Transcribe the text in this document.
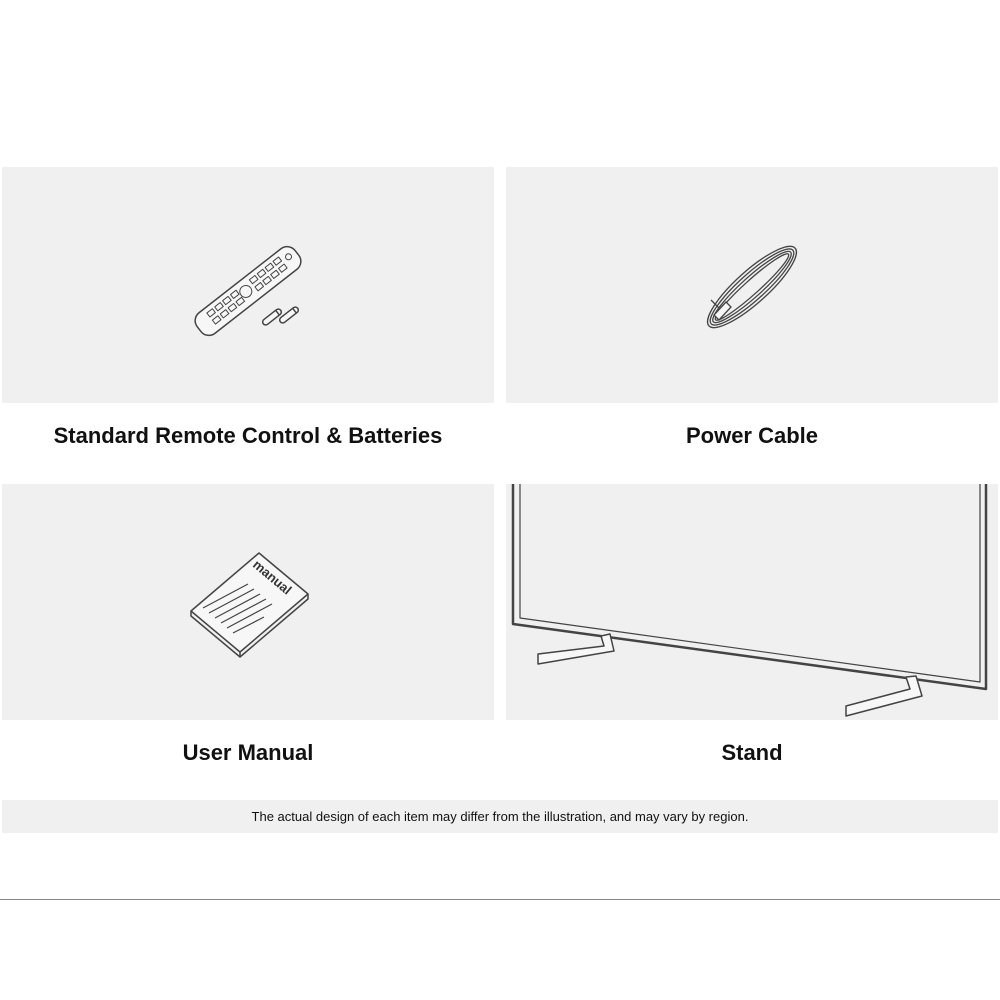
manual
Standard Remote Control & Batteries	Power Cable
User Manual	Stand
The actual design of each item may differ from the illustration, and may vary by region.
